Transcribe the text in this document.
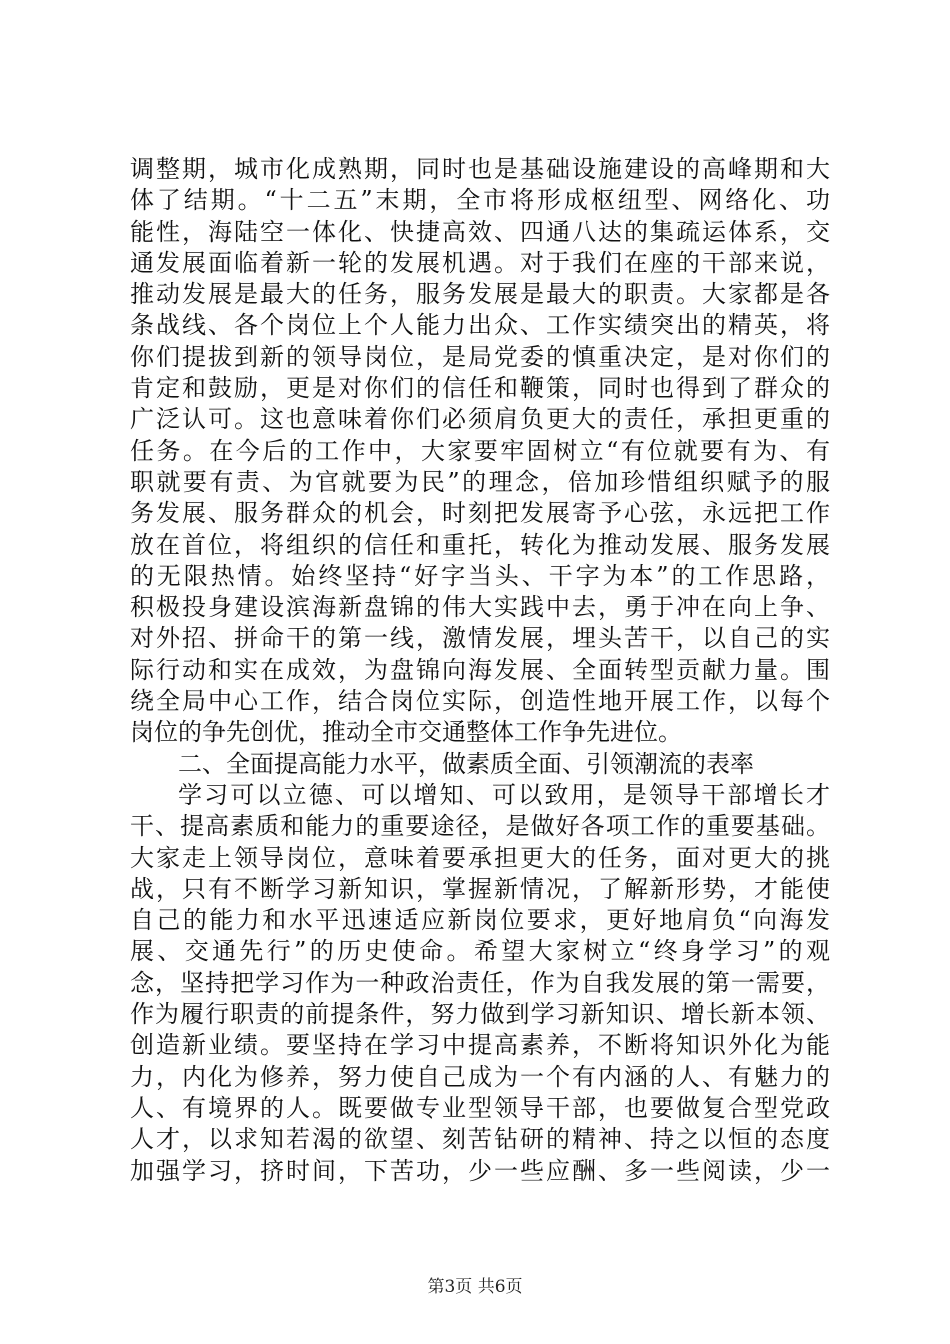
调整期，城市化成熟期，同时也是基础设施建设的高峰期和大
体了结期。“十二五”末期，全市将形成枢纽型、网络化、功
能性，海陆空一体化、快捷高效、四通八达的集疏运体系，交
通发展面临着新一轮的发展机遇。对于我们在座的干部来说，
推动发展是最大的任务，服务发展是最大的职责。大家都是各
条战线、各个岗位上个人能力出众、工作实绩突出的精英，将
你们提拔到新的领导岗位，是局党委的慎重决定，是对你们的
肯定和鼓励，更是对你们的信任和鞭策，同时也得到了群众的
广泛认可。这也意味着你们必须肩负更大的责任，承担更重的
任务。在今后的工作中，大家要牢固树立“有位就要有为、有
职就要有责、为官就要为民”的理念，倍加珍惜组织赋予的服
务发展、服务群众的机会，时刻把发展寄予心弦，永远把工作
放在首位，将组织的信任和重托，转化为推动发展、服务发展
的无限热情。始终坚持“好字当头、干字为本”的工作思路，
积极投身建设滨海新盘锦的伟大实践中去，勇于冲在向上争、
对外招、拼命干的第一线，激情发展，埋头苦干，以自己的实
际行动和实在成效，为盘锦向海发展、全面转型贡献力量。围
绕全局中心工作，结合岗位实际，创造性地开展工作，以每个
岗位的争先创优，推动全市交通整体工作争先进位。
二、全面提高能力水平，做素质全面、引领潮流的表率
学习可以立德、可以增知、可以致用，是领导干部增长才
干、提高素质和能力的重要途径，是做好各项工作的重要基础。
大家走上领导岗位，意味着要承担更大的任务，面对更大的挑
战，只有不断学习新知识，掌握新情况，了解新形势，才能使
自己的能力和水平迅速适应新岗位要求，更好地肩负“向海发
展、交通先行”的历史使命。希望大家树立“终身学习”的观
念，坚持把学习作为一种政治责任，作为自我发展的第一需要，
作为履行职责的前提条件，努力做到学习新知识、增长新本领、
创造新业绩。要坚持在学习中提高素养，不断将知识外化为能
力，内化为修养，努力使自己成为一个有内涵的人、有魅力的
人、有境界的人。既要做专业型领导干部，也要做复合型党政
人才，以求知若渴的欲望、刻苦钻研的精神、持之以恒的态度
加强学习，挤时间，下苦功，少一些应酬、多一些阅读，少一
第3页 共6页
